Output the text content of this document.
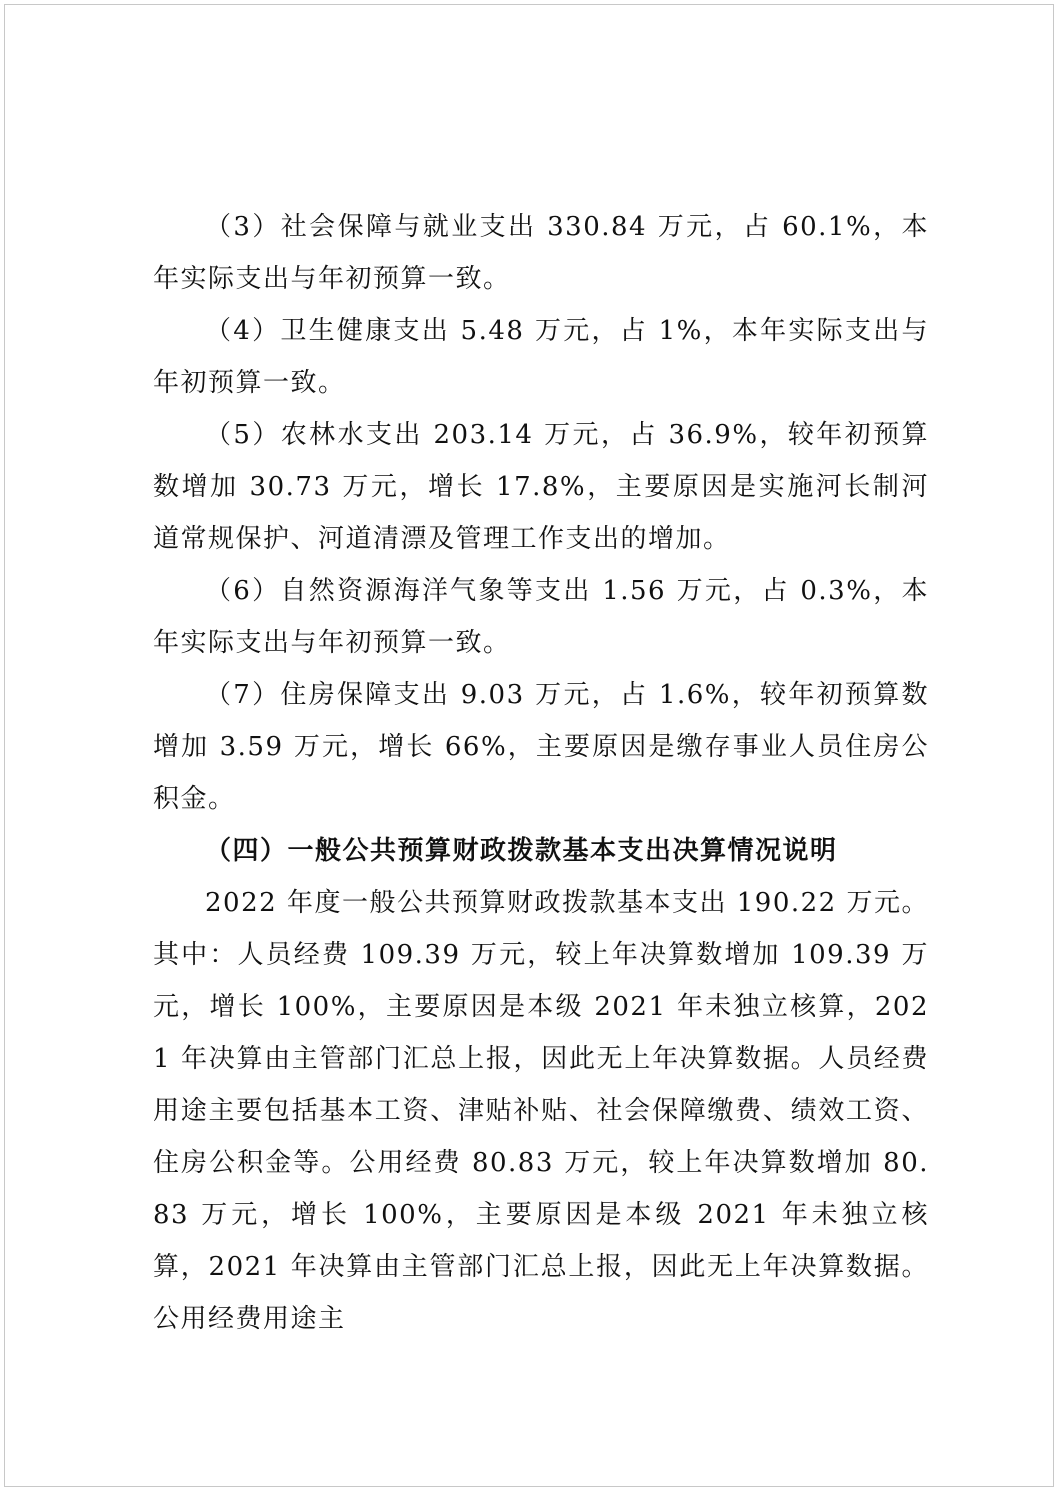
（3）社会保障与就业支出 330.84 万元，占 60.1%，本年实际支出与年初预算一致。

（4）卫生健康支出 5.48 万元，占 1%，本年实际支出与年初预算一致。

（5）农林水支出 203.14 万元，占 36.9%，较年初预算数增加 30.73 万元，增长 17.8%，主要原因是实施河长制河道常规保护、河道清漂及管理工作支出的增加。

（6）自然资源海洋气象等支出 1.56 万元，占 0.3%，本年实际支出与年初预算一致。

（7）住房保障支出 9.03 万元，占 1.6%，较年初预算数增加 3.59 万元，增长 66%，主要原因是缴存事业人员住房公积金。

（四）一般公共预算财政拨款基本支出决算情况说明

2022 年度一般公共预算财政拨款基本支出 190.22 万元。其中：人员经费 109.39 万元，较上年决算数增加 109.39 万元，增长 100%，主要原因是本级 2021 年未独立核算，2021 年决算由主管部门汇总上报，因此无上年决算数据。人员经费用途主要包括基本工资、津贴补贴、社会保障缴费、绩效工资、住房公积金等。公用经费 80.83 万元，较上年决算数增加 80.83 万元，增长 100%，主要原因是本级 2021 年未独立核算，2021 年决算由主管部门汇总上报，因此无上年决算数据。公用经费用途主
